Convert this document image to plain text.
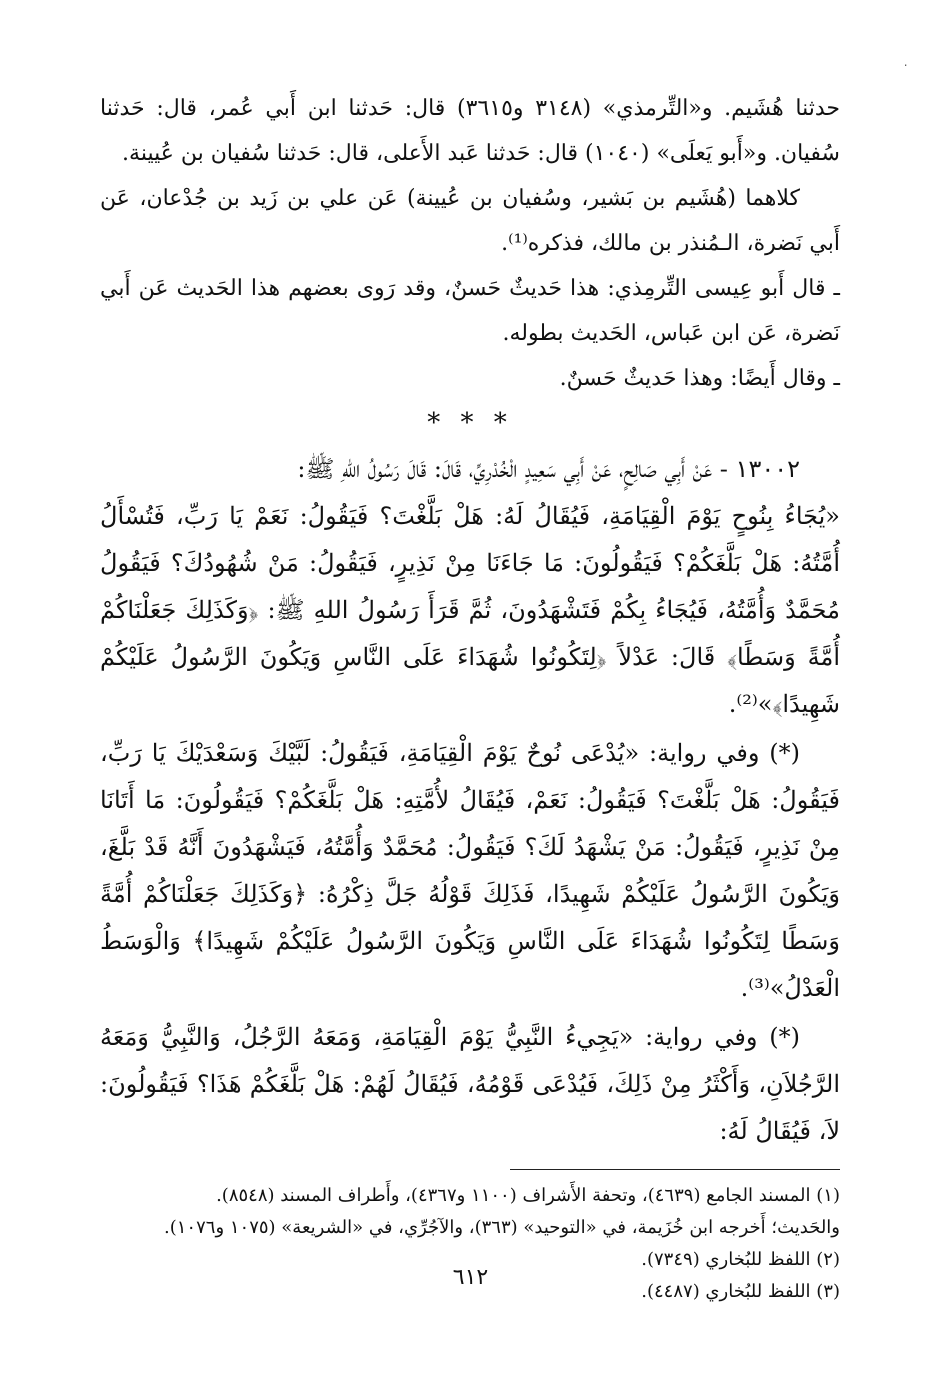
٠

حدثنا هُشَيم. و«التِّرمذي» (٣١٤٨ و٣٦١٥) قال: حَدثنا ابن أَبي عُمر، قال: حَدثنا سُفيان. و«أَبو يَعلَى» (١٠٤٠) قال: حَدثنا عَبد الأَعلى، قال: حَدثنا سُفيان بن عُيينة.

كلاهما (هُشَيم بن بَشير، وسُفيان بن عُيينة) عَن علي بن زَيد بن جُدْعان، عَن أَبي نَضرة، الـمُنذر بن مالك، فذكره⁽¹⁾.

ـ قال أَبو عِيسى التِّرمِذي: هذا حَديثٌ حَسنٌ، وقد رَوى بعضهم هذا الحَديث عَن أَبي نَضرة، عَن ابن عَباس، الحَديث بطوله.

ـ وقال أَيضًا: وهذا حَديثٌ حَسنٌ.

* * *

١٣٠٠٢ - عَنْ أَبِي صَالِحٍ، عَنْ أَبِي سَعِيدٍ الْخُدْرِيِّ، قَالَ: قَالَ رَسُولُ اللهِ ﷺ:

«يُجَاءُ بِنُوحٍ يَوْمَ الْقِيَامَةِ، فَيُقَالُ لَهُ: هَلْ بَلَّغْتَ؟ فَيَقُولُ: نَعَمْ يَا رَبِّ، فَتُسْأَلُ أُمَّتُهُ: هَلْ بَلَّغَكُمْ؟ فَيَقُولُونَ: مَا جَاءَنَا مِنْ نَذِيرٍ، فَيَقُولُ: مَنْ شُهُودُكَ؟ فَيَقُولُ مُحَمَّدٌ وَأُمَّتُهُ، فَيُجَاءُ بِكُمْ فَتَشْهَدُونَ، ثُمَّ قَرَأَ رَسُولُ اللهِ ﷺ: ﴿وَكَذَلِكَ جَعَلْنَاكُمْ أُمَّةً وَسَطًا﴾ قَالَ: عَدْلاً ﴿لِتَكُونُوا شُهَدَاءَ عَلَى النَّاسِ وَيَكُونَ الرَّسُولُ عَلَيْكُمْ شَهِيدًا﴾»⁽²⁾.

(*) وفي رواية: «يُدْعَى نُوحٌ يَوْمَ الْقِيَامَةِ، فَيَقُولُ: لَبَّيْكَ وَسَعْدَيْكَ يَا رَبِّ، فَيَقُولُ: هَلْ بَلَّغْتَ؟ فَيَقُولُ: نَعَمْ، فَيُقَالُ لأُمَّتِهِ: هَلْ بَلَّغَكُمْ؟ فَيَقُولُونَ: مَا أَتَانَا مِنْ نَذِيرٍ، فَيَقُولُ: مَنْ يَشْهَدُ لَكَ؟ فَيَقُولُ: مُحَمَّدٌ وَأُمَّتُهُ، فَيَشْهَدُونَ أَنَّهُ قَدْ بَلَّغَ، وَيَكُونَ الرَّسُولُ عَلَيْكُمْ شَهِيدًا، فَذَلِكَ قَوْلُهُ جَلَّ ذِكْرُهُ: ﴿وَكَذَلِكَ جَعَلْنَاكُمْ أُمَّةً وَسَطًا لِتَكُونُوا شُهَدَاءَ عَلَى النَّاسِ وَيَكُونَ الرَّسُولُ عَلَيْكُمْ شَهِيدًا﴾ وَالْوَسَطُ الْعَدْلُ»⁽³⁾.

(*) وفي رواية: «يَجِيءُ النَّبِيُّ يَوْمَ الْقِيَامَةِ، وَمَعَهُ الرَّجُلُ، وَالنَّبِيُّ وَمَعَهُ الرَّجُلاَنِ، وَأَكْثَرُ مِنْ ذَلِكَ، فَيُدْعَى قَوْمُهُ، فَيُقَالُ لَهُمْ: هَلْ بَلَّغَكُمْ هَذَا؟ فَيَقُولُونَ: لاَ، فَيُقَالُ لَهُ:

(١) المسند الجامع (٤٦٣٩)، وتحفة الأَشراف (١١٠٠ و٤٣٦٧)، وأَطراف المسند (٨٥٤٨).

والحَديث؛ أَخرجه ابن خُزَيمة، في «التوحيد» (٣٦٣)، والآجُرِّي، في «الشريعة» (١٠٧٥ و١٠٧٦).

(٢) اللفظ للبُخاري (٧٣٤٩).

(٣) اللفظ للبُخاري (٤٤٨٧).

٦١٢
